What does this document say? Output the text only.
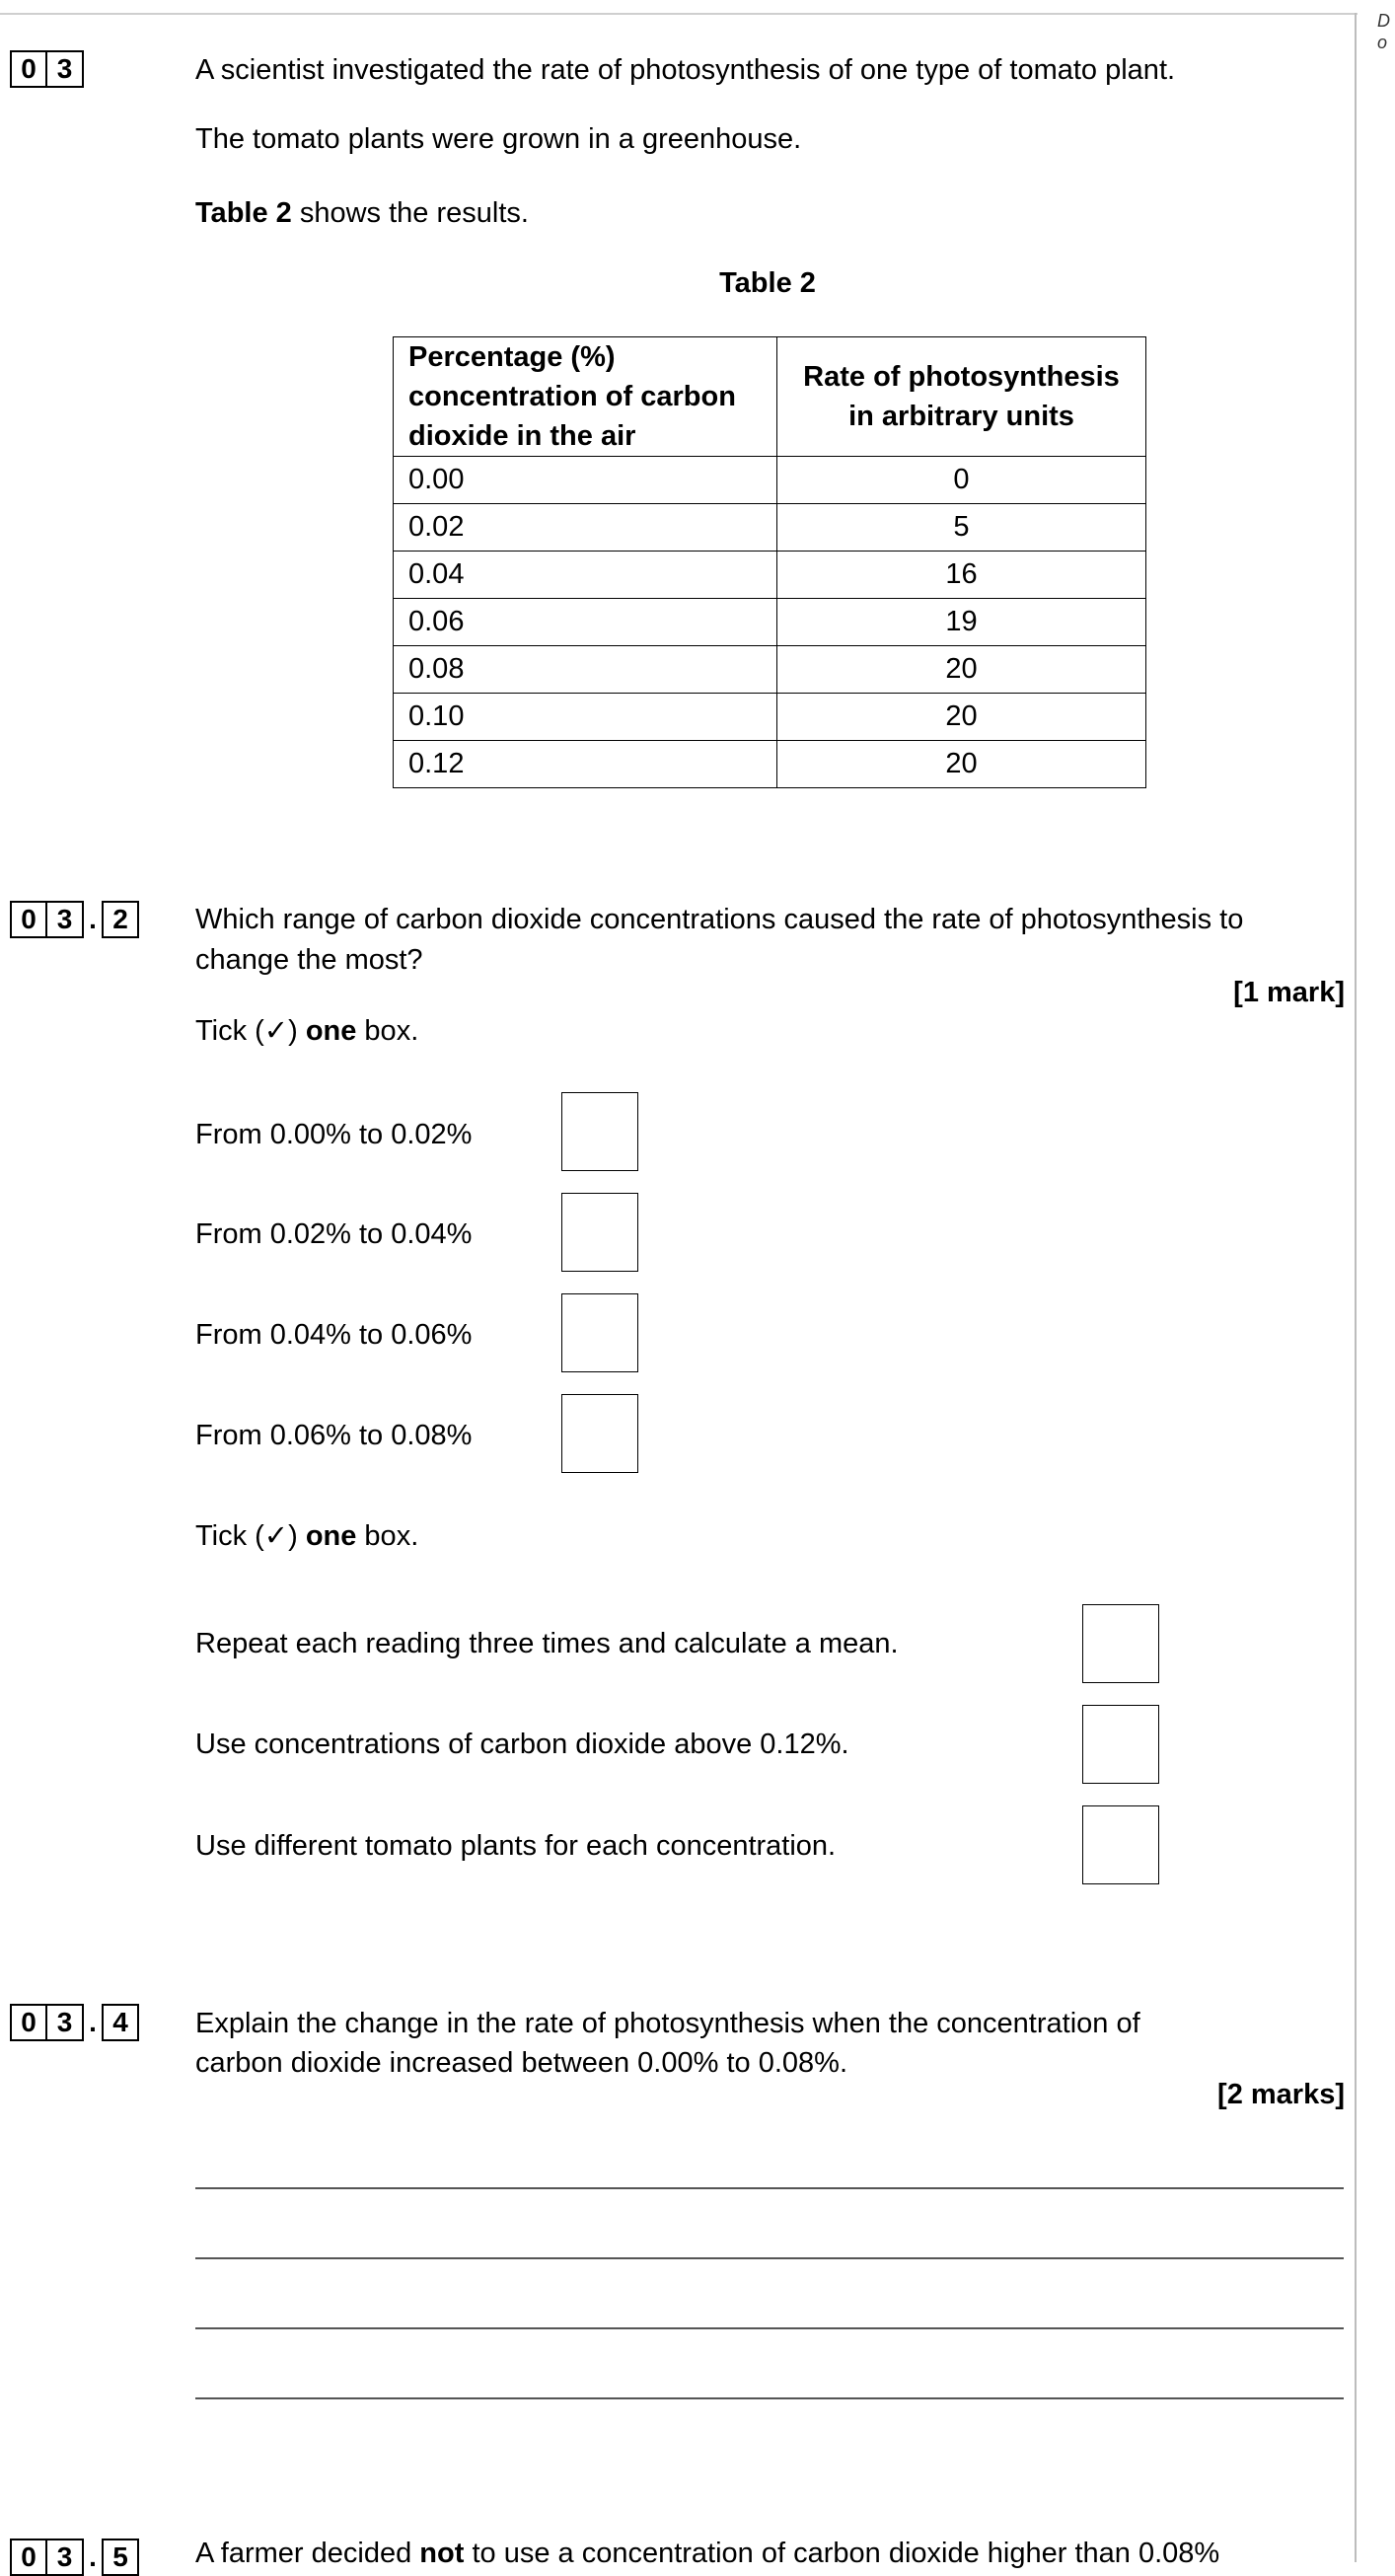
D
o
0 3	A scientist investigated the rate of photosynthesis of one type of tomato plant.
The tomato plants were grown in a greenhouse.
Table 2 shows the results.
Table 2
Percentage (%) concentration of carbon dioxide in the air	Rate of photosynthesis in arbitrary units
0.00	0
0.02	5
0.04	16
0.06	19
0.08	20
0.10	20
0.12	20
0 3 . 2	Which range of carbon dioxide concentrations caused the rate of photosynthesis to
change the most?
[1 mark]
Tick (✓) one box.
From 0.00% to 0.02%
From 0.02% to 0.04%
From 0.04% to 0.06%
From 0.06% to 0.08%
Tick (✓) one box.
Repeat each reading three times and calculate a mean.
Use concentrations of carbon dioxide above 0.12%.
Use different tomato plants for each concentration.
0 3 . 4	Explain the change in the rate of photosynthesis when the concentration of
carbon dioxide increased between 0.00% to 0.08%.
[2 marks]
0 3 . 5	A farmer decided not to use a concentration of carbon dioxide higher than 0.08%
